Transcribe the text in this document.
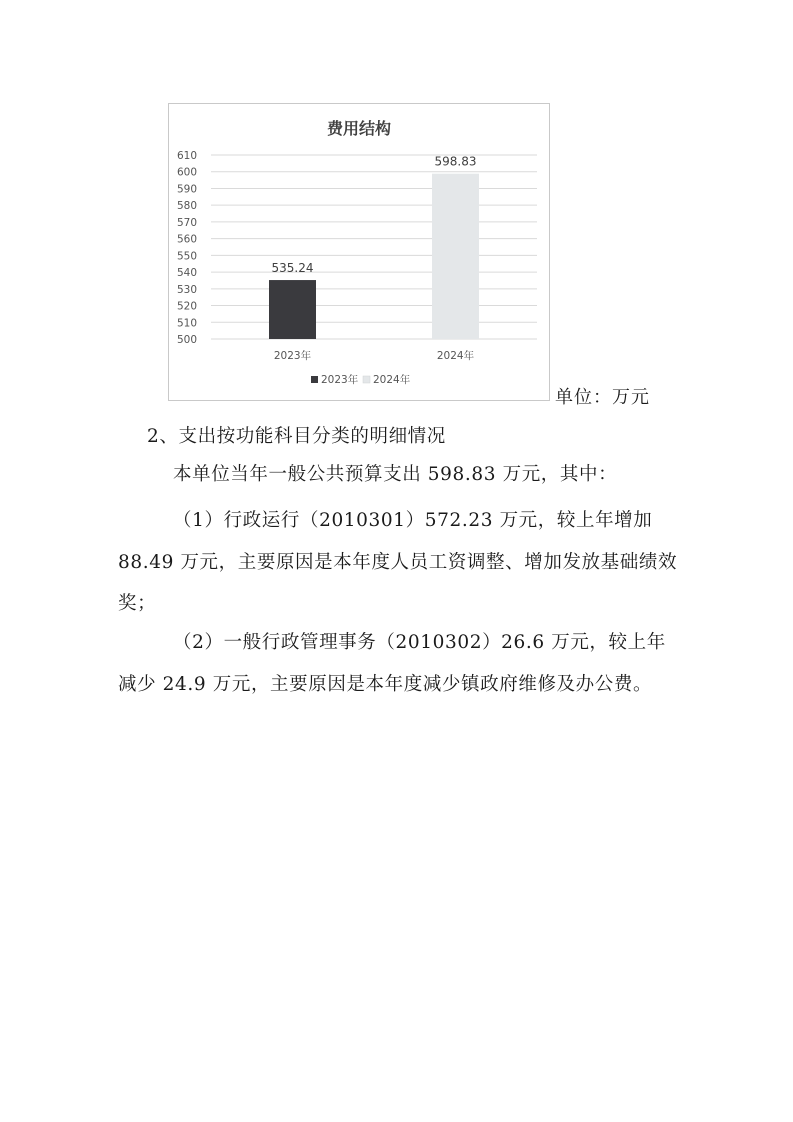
费用结构
500
510
520
530
540
550
560
570
580
590
600
610
535.24
2023年
598.83
2024年
2023年 2024年
单位：万元

2、支出按功能科目分类的明细情况

本单位当年一般公共预算支出 598.83 万元，其中：

（1）行政运行（2010301）572.23 万元，较上年增加 88.49 万元，主要原因是本年度人员工资调整、增加发放基础绩效奖；

（2）一般行政管理事务（2010302）26.6 万元，较上年减少 24.9 万元，主要原因是本年度减少镇政府维修及办公费。
